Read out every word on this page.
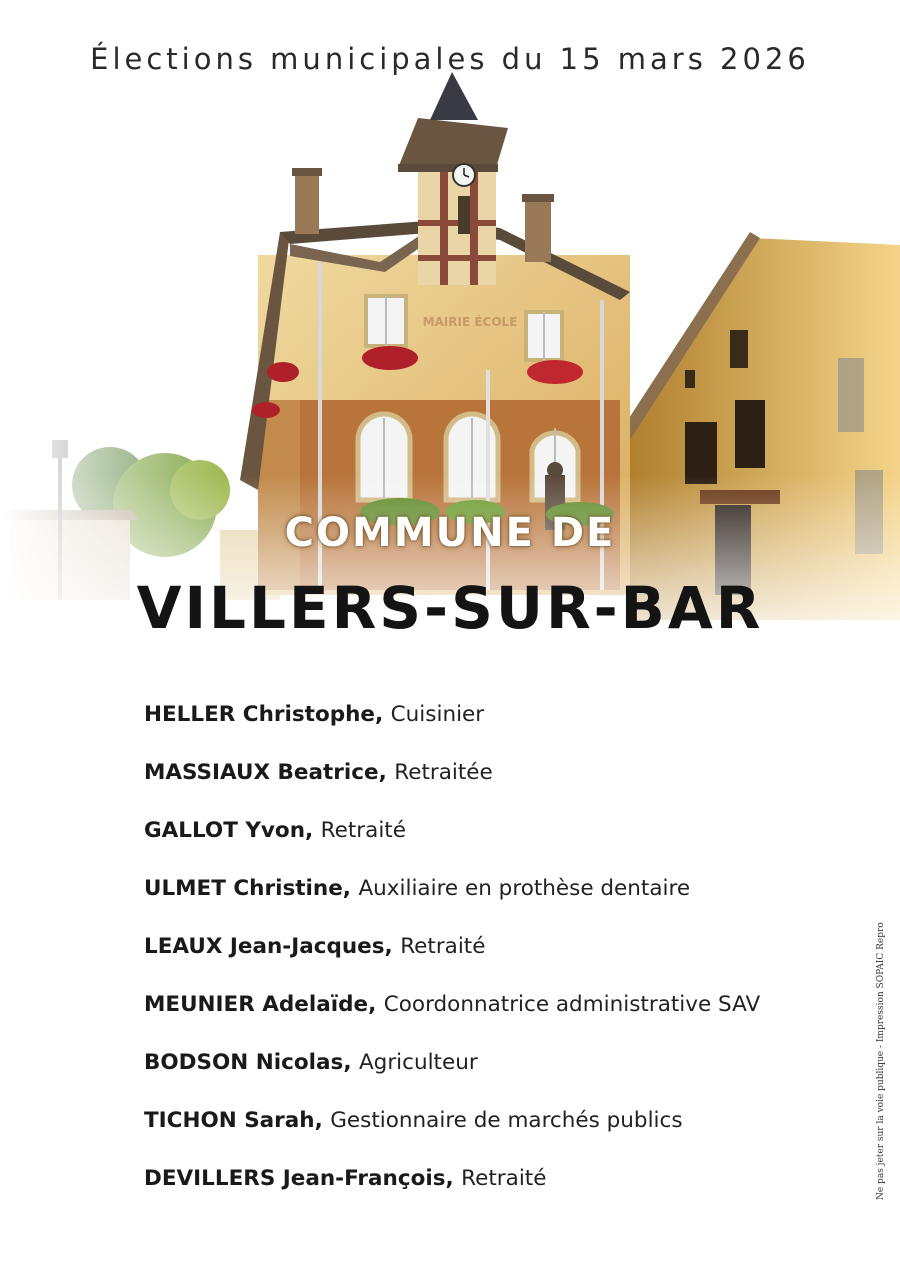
Élections municipales du 15 mars 2026
COMMUNE DE
VILLERS-SUR-BAR
HELLER Christophe, Cuisinier
MASSIAUX Beatrice, Retraitée
GALLOT Yvon, Retraité
ULMET Christine, Auxiliaire en prothèse dentaire
LEAUX Jean-Jacques, Retraité
MEUNIER Adelaïde, Coordonnatrice administrative SAV
BODSON Nicolas, Agriculteur
TICHON Sarah, Gestionnaire de marchés publics
DEVILLERS Jean-François, Retraité	Ne pas jeter sur la voie publique - Impression SOPAIC Repro
